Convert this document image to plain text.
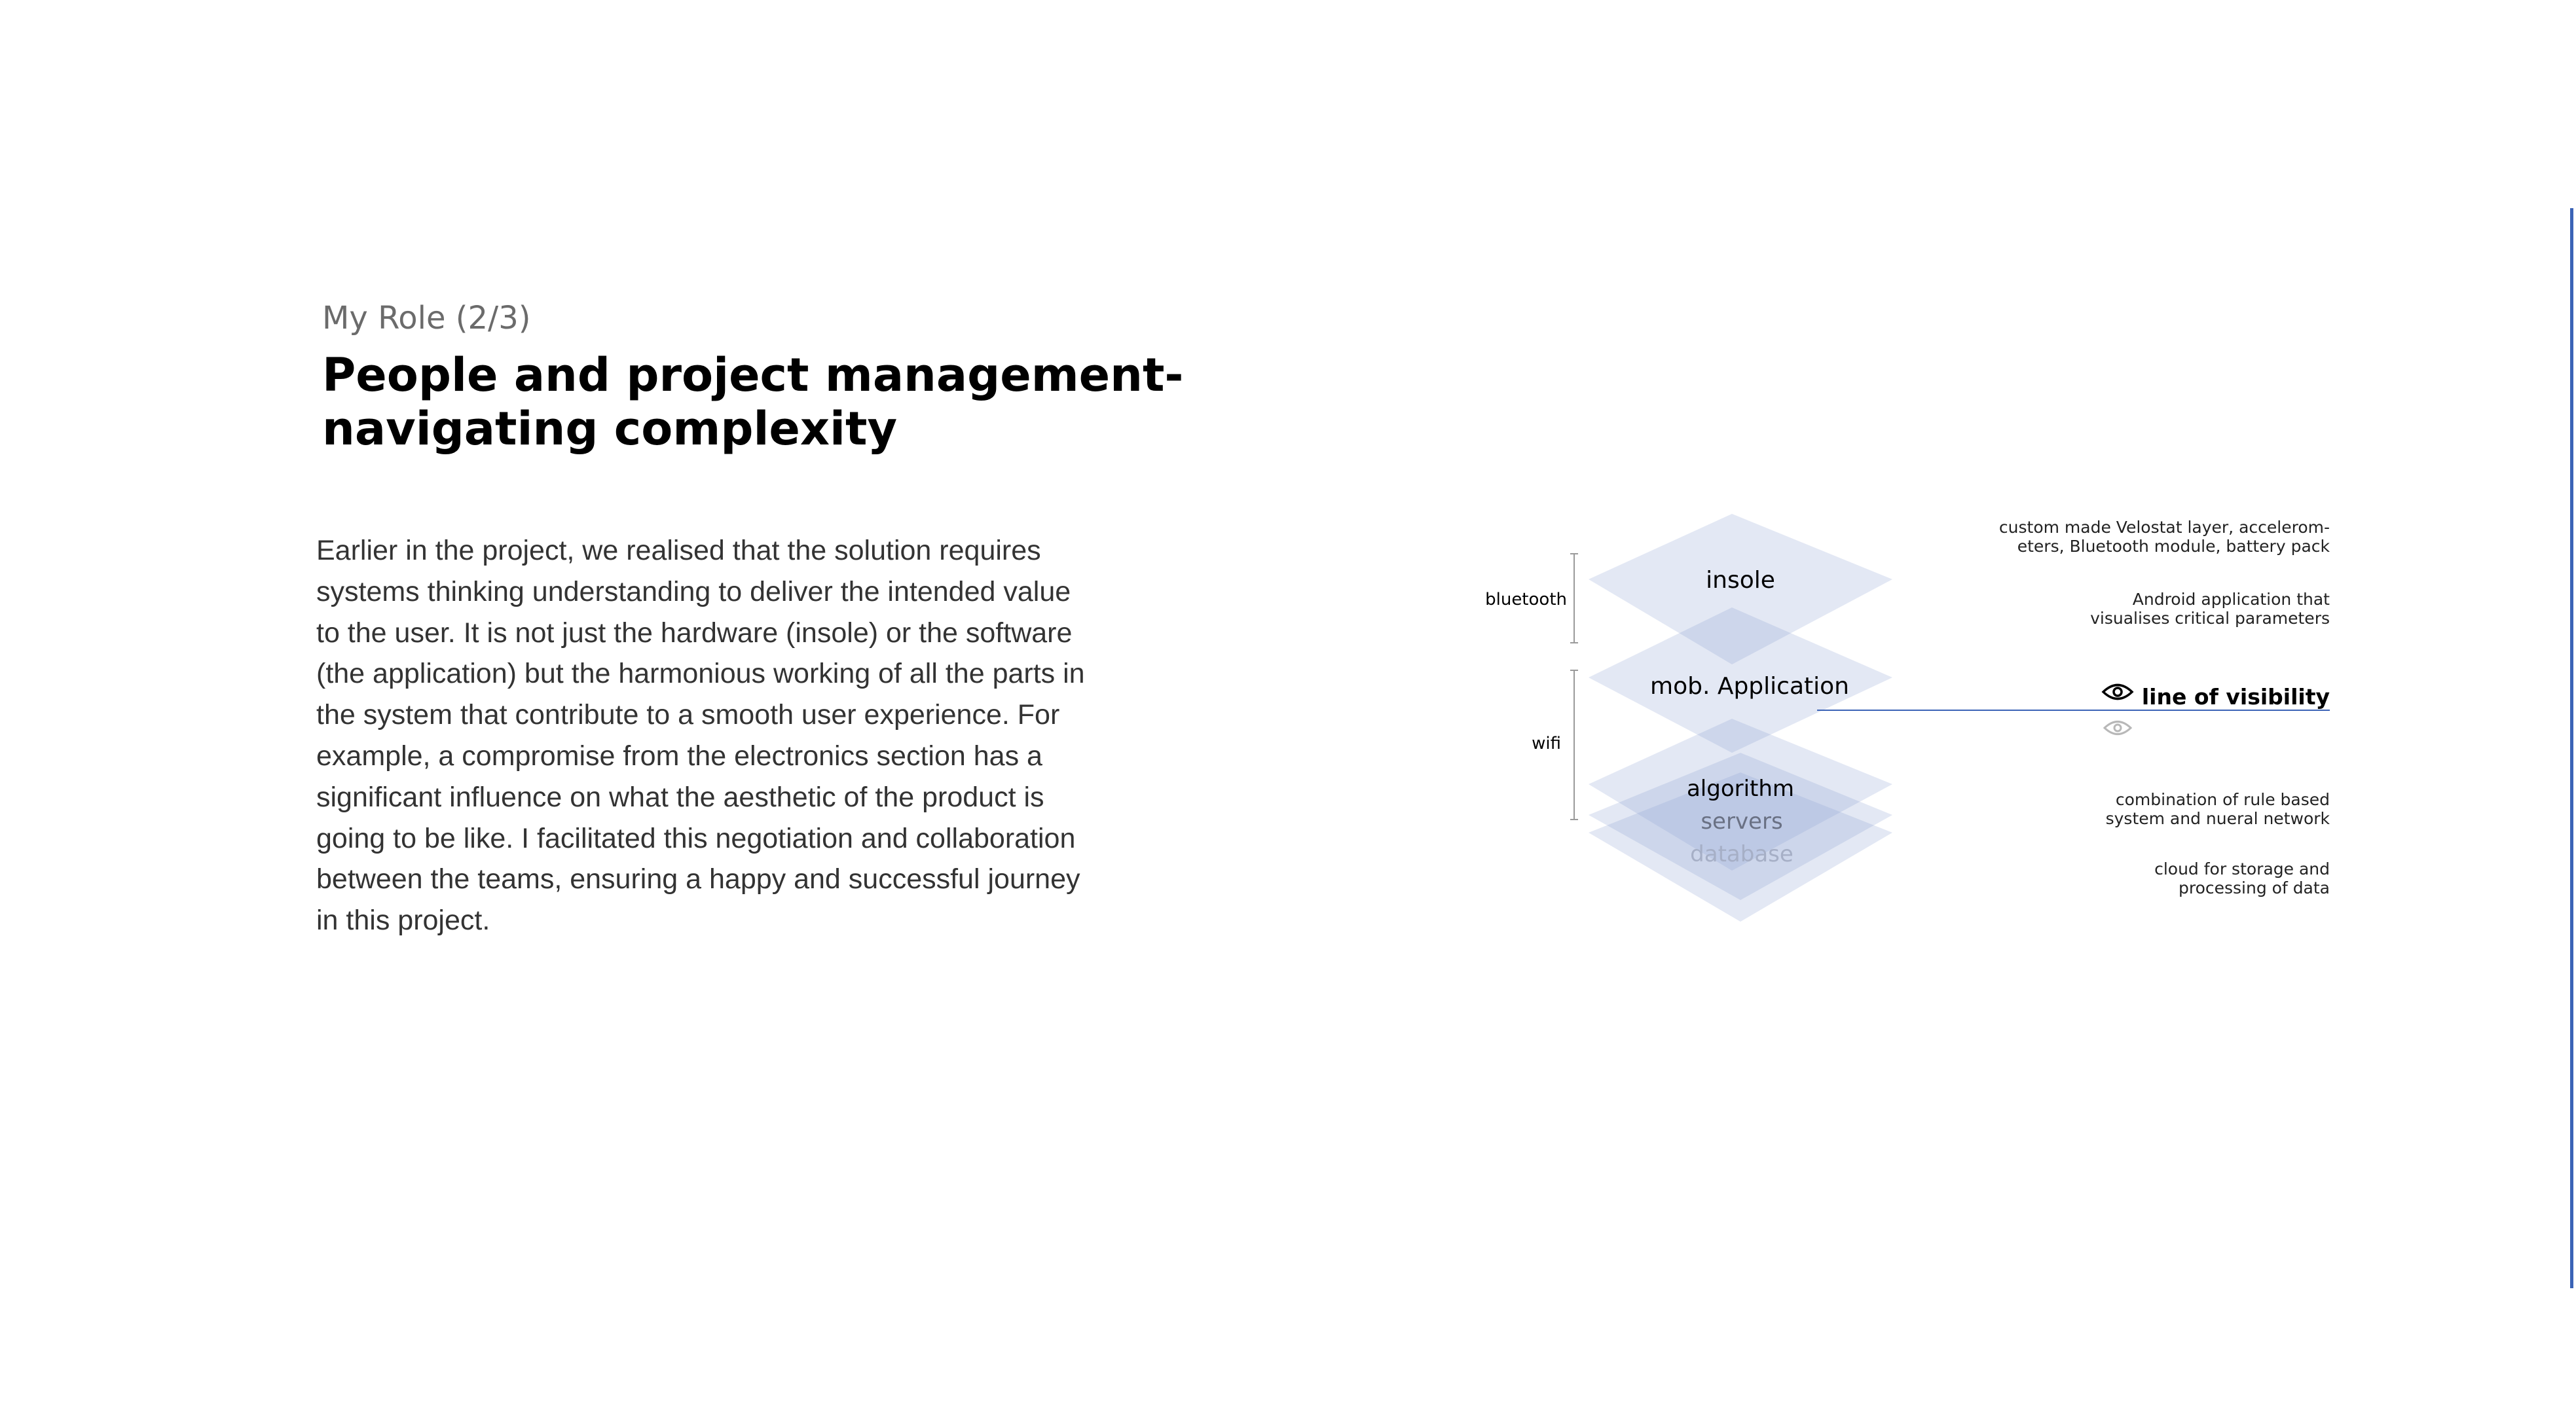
My Role (2/3)
People and project management-
navigating complexity
Earlier in the project, we realised that the solution requires
systems thinking understanding to deliver the intended value
to the user. It is not just the hardware (insole) or the software
(the application) but the harmonious working of all the parts in
the system that contribute to a smooth user experience. For
example, a compromise from the electronics section has a
significant influence on what the aesthetic of the product is
going to be like. I facilitated this negotiation and collaboration
between the teams, ensuring a happy and successful journey
in this project.
insole
mob. Application
algorithm
servers
database
bluetooth
wifi
line of visibility
custom made Velostat layer, accelerom-
eters, Bluetooth module, battery pack
Android application that
visualises critical parameters
combination of rule based
system and nueral network
cloud for storage and
processing of data
